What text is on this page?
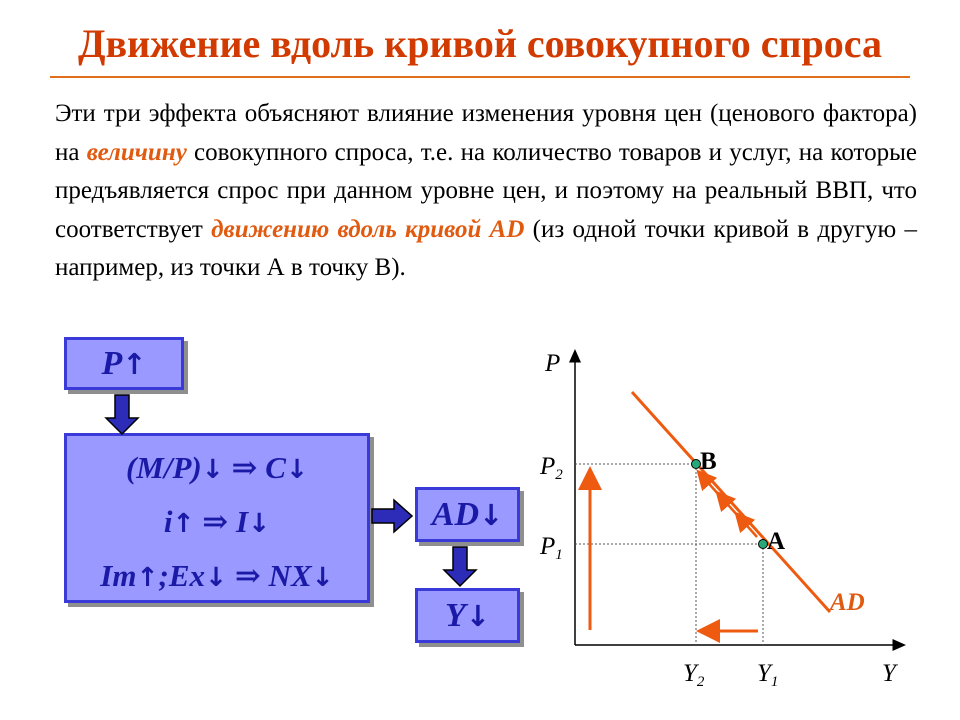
Движение вдоль кривой совокупного спроса
Эти три эффекта объясняют влияние изменения уровня цен (ценового фактора) на величину совокупного спроса, т.е. на количество товаров и услуг, на которые предъявляется спрос при данном уровне цен, и поэтому на реальный ВВП, что соответствует движению вдоль кривой AD (из одной точки кривой в другую – например, из точки А в точку В).
P ↑
(M/P)↓ ⇒ C↓
i↑ ⇒ I↓
Im↑;Ex↓ ⇒ NX↓
AD ↓
Y ↓
P
Y
$P_2$
$P_1$
$Y_2$ $Y_1$
B
A
AD
